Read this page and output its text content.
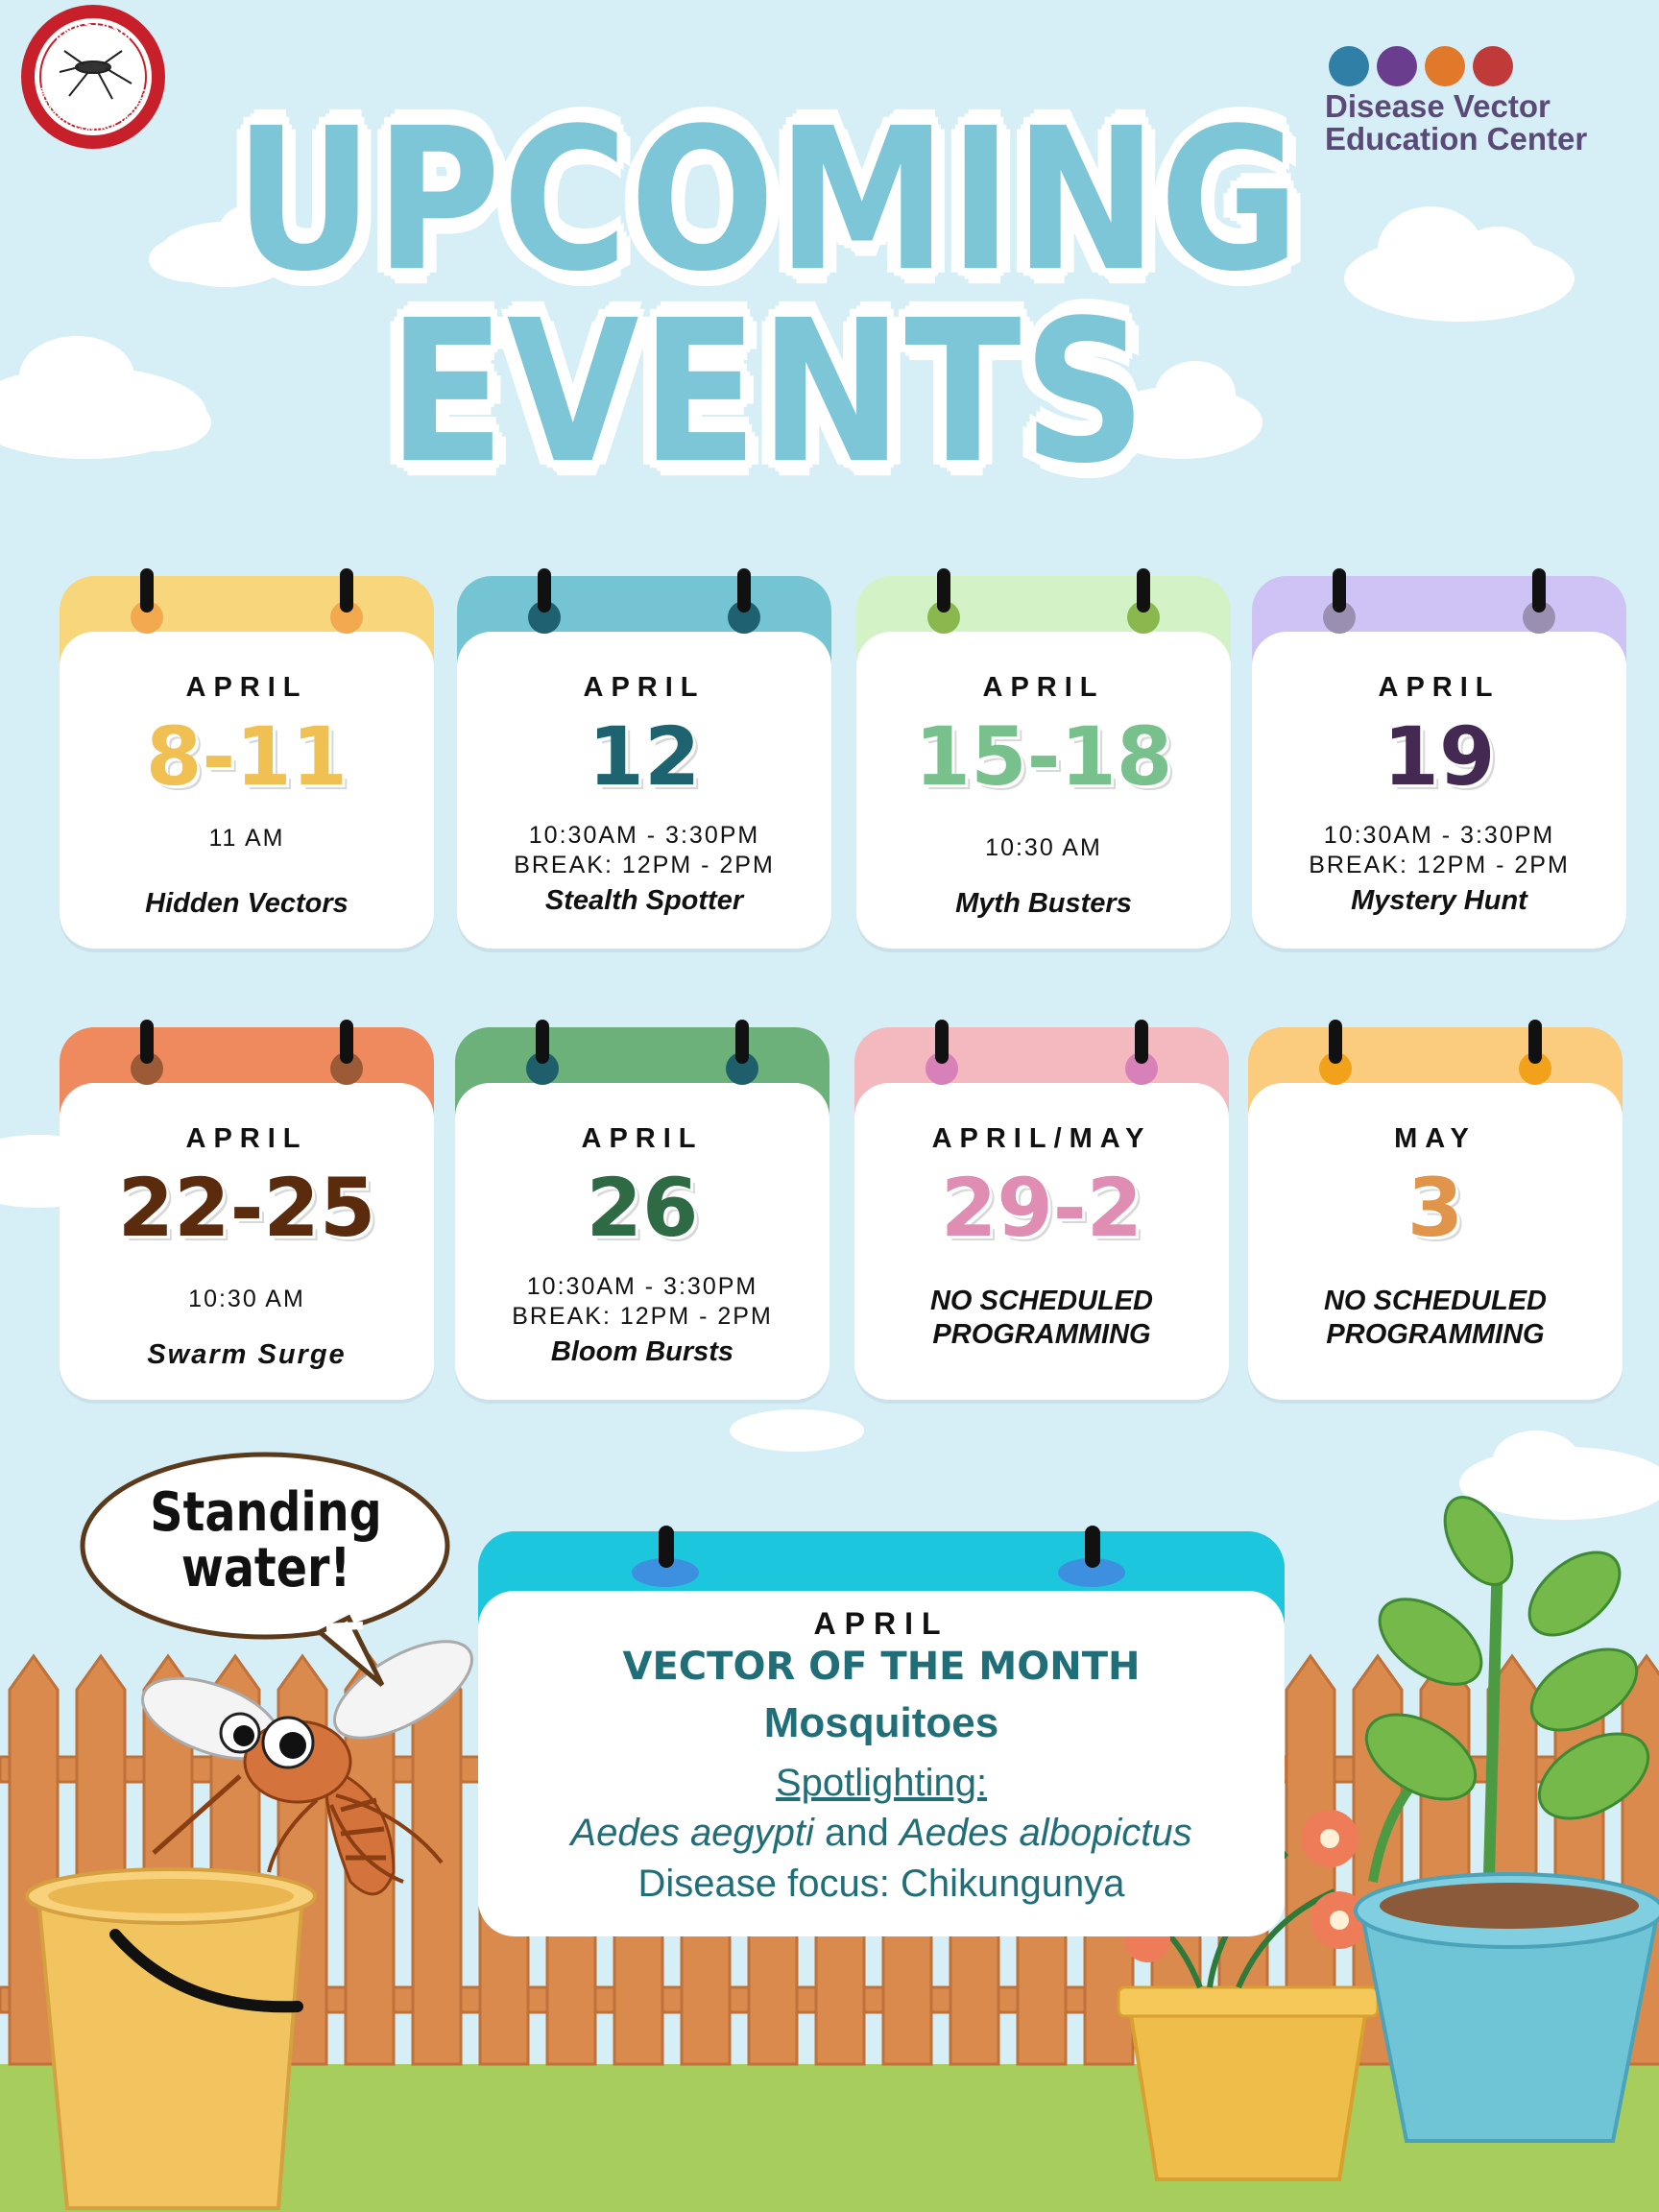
Standing
water!
ANASTASIA
MOSQUITO CONTROL DISTRICT	Disease Vector
Education Center
UPCOMING
EVENTS
APRIL
8-11
11 AM
Hidden Vectors
APRIL
12
10:30AM - 3:30PM
BREAK: 12PM - 2PM
Stealth Spotter
APRIL
15-18
10:30 AM
Myth Busters
APRIL
19
10:30AM - 3:30PM
BREAK: 12PM - 2PM
Mystery Hunt
APRIL
22-25
10:30 AM
Swarm Surge
APRIL
26
10:30AM - 3:30PM
BREAK: 12PM - 2PM
Bloom Bursts
APRIL/MAY
29-2
NO SCHEDULED PROGRAMMING
MAY
3
NO SCHEDULED PROGRAMMING
APRIL
VECTOR OF THE MONTH
Mosquitoes
Spotlighting:
Aedes aegypti and Aedes albopictus
Disease focus: Chikungunya
